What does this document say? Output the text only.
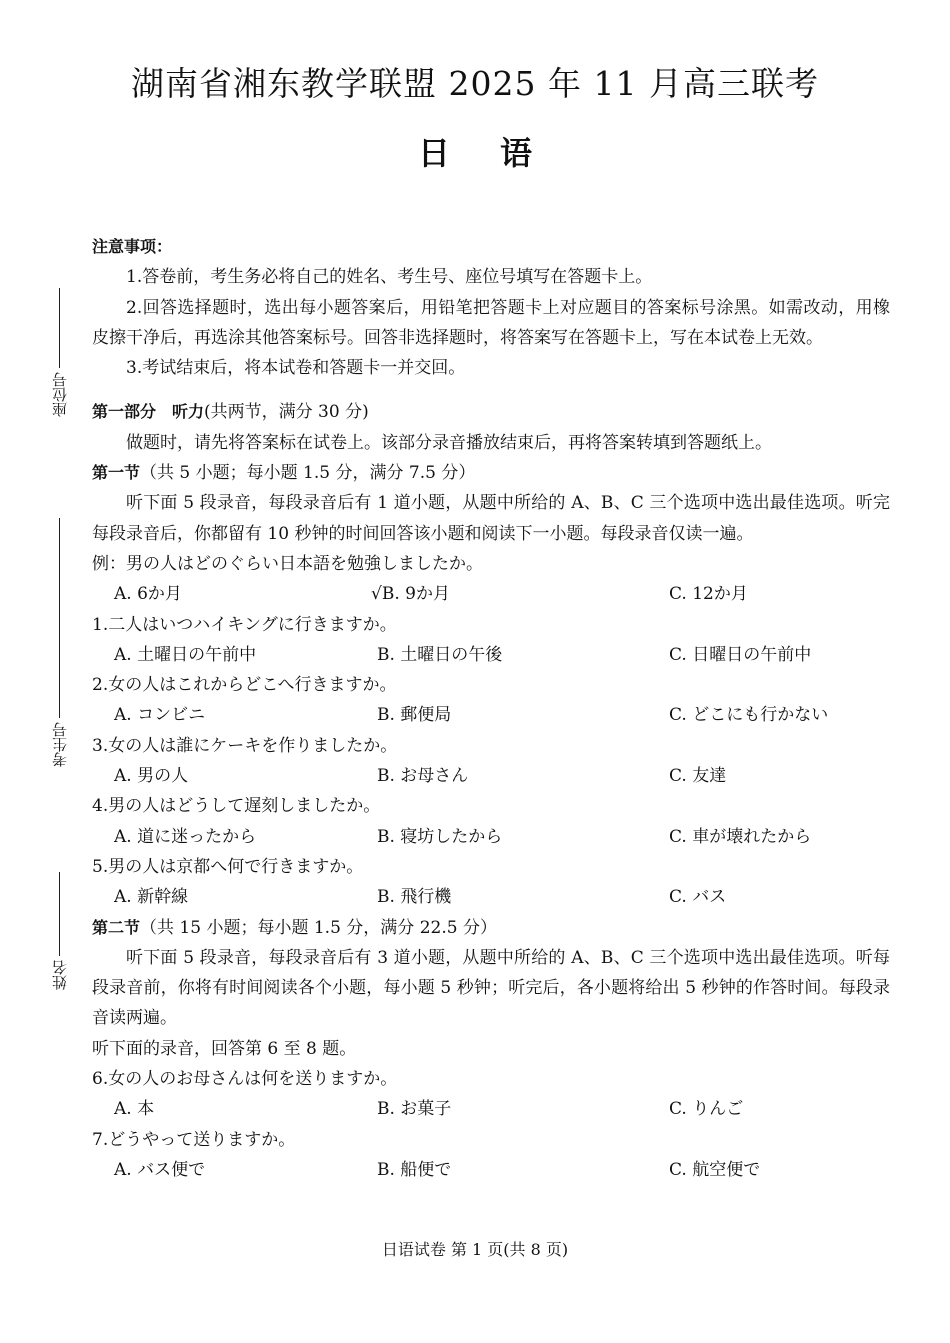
湖南省湘东教学联盟 2025 年 11 月高三联考
日语
座位号
考生号
姓名

注意事项：

1.答卷前，考生务必将自己的姓名、考生号、座位号填写在答题卡上。

2.回答选择题时，选出每小题答案后，用铅笔把答题卡上对应题目的答案标号涂黑。如需改动，用橡皮擦干净后，再选涂其他答案标号。回答非选择题时，将答案写在答题卡上，写在本试卷上无效。

3.考试结束后，将本试卷和答题卡一并交回。

第一部分　听力(共两节，满分 30 分)

做题时，请先将答案标在试卷上。该部分录音播放结束后，再将答案转填到答题纸上。

第一节（共 5 小题；每小题 1.5 分，满分 7.5 分）

听下面 5 段录音，每段录音后有 1 道小题，从题中所给的 A、B、C 三个选项中选出最佳选项。听完每段录音后，你都留有 10 秒钟的时间回答该小题和阅读下一小题。每段录音仅读一遍。

例：男の人はどのぐらい日本語を勉強しましたか。

A. 6か月	√B. 9か月	C. 12か月

1.二人はいつハイキングに行きますか。

A. 土曜日の午前中	B. 土曜日の午後	C. 日曜日の午前中

2.女の人はこれからどこへ行きますか。

A. コンビニ	B. 郵便局	C. どこにも行かない

3.女の人は誰にケーキを作りましたか。

A. 男の人	B. お母さん	C. 友達

4.男の人はどうして遅刻しましたか。

A. 道に迷ったから	B. 寝坊したから	C. 車が壊れたから

5.男の人は京都へ何で行きますか。

A. 新幹線	B. 飛行機	C. バス

第二节（共 15 小题；每小题 1.5 分，满分 22.5 分）

听下面 5 段录音，每段录音后有 3 道小题，从题中所给的 A、B、C 三个选项中选出最佳选项。听每段录音前，你将有时间阅读各个小题，每小题 5 秒钟；听完后，各小题将给出 5 秒钟的作答时间。每段录音读两遍。

听下面的录音，回答第 6 至 8 题。

6.女の人のお母さんは何を送りますか。

A. 本	B. お菓子	C. りんご

7.どうやって送りますか。

A. バス便で	B. 船便で	C. 航空便で
日语试卷 第 1 页(共 8 页)
